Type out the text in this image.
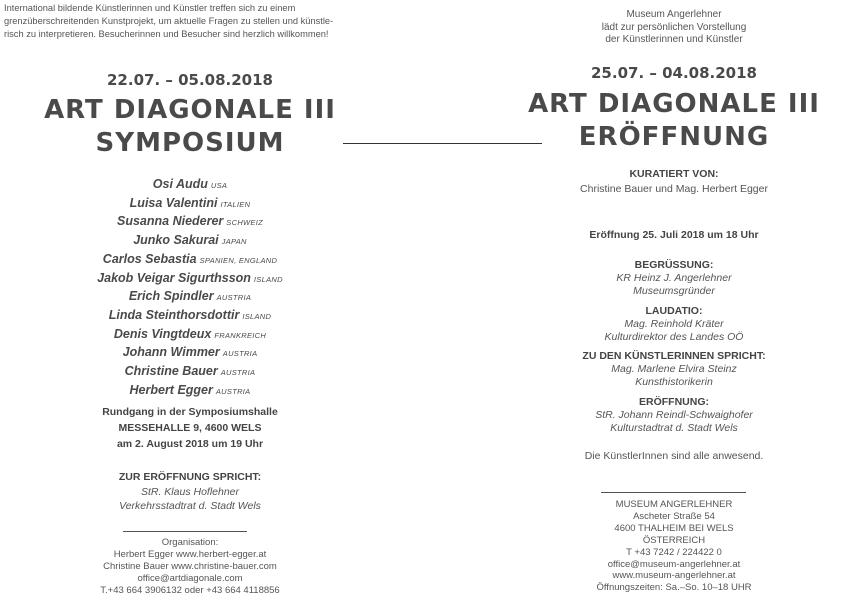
International bildende Künstlerinnen und Künstler treffen sich zu einem
grenzüberschreitenden Kunstprojekt, um aktuelle Fragen zu stellen und künstle-
risch zu interpretieren. Besucherinnen und Besucher sind herzlich willkommen!
22.07. – 05.08.2018
ART DIAGONALE III
SYMPOSIUM
Osi Audu USA
Luisa Valentini ITALIEN
Susanna Niederer SCHWEIZ
Junko Sakurai JAPAN
Carlos Sebastia SPANIEN, ENGLAND
Jakob Veigar Sigurthsson ISLAND
Erich Spindler AUSTRIA
Linda Steinthorsdottir ISLAND
Denis Vingtdeux FRANKREICH
Johann Wimmer AUSTRIA
Christine Bauer AUSTRIA
Herbert Egger AUSTRIA
Rundgang in der Symposiumshalle
MESSEHALLE 9, 4600 WELS
am 2. August 2018 um 19 Uhr
ZUR ERÖFFNUNG SPRICHT:
StR. Klaus Hoflehner
Verkehrsstadtrat d. Stadt Wels
Organisation:
Herbert Egger www.herbert-egger.at
Christine Bauer www.christine-bauer.com
office@artdiagonale.com
T.+43 664 3906132 oder +43 664 4118856
Museum Angerlehner
lädt zur persönlichen Vorstellung
der Künstlerinnen und Künstler
25.07. – 04.08.2018
ART DIAGONALE III
ERÖFFNUNG
KURATIERT VON:
Christine Bauer und Mag. Herbert Egger
Eröffnung 25. Juli 2018 um 18 Uhr
BEGRÜSSUNG:
KR Heinz J. Angerlehner
Museumsgründer
LAUDATIO:
Mag. Reinhold Kräter
Kulturdirektor des Landes OÖ
ZU DEN KÜNSTLERINNEN SPRICHT:
Mag. Marlene Elvira Steinz
Kunsthistorikerin
ERÖFFNUNG:
StR. Johann Reindl-Schwaighofer
Kulturstadtrat d. Stadt Wels
Die KünstlerInnen sind alle anwesend.
MUSEUM ANGERLEHNER
Ascheter Straße 54
4600 THALHEIM BEI WELS
ÖSTERREICH
T +43 7242 / 224422 0
office@museum-angerlehner.at
www.museum-angerlehner.at
Öffnungszeiten: Sa.–So. 10–18 UHR
